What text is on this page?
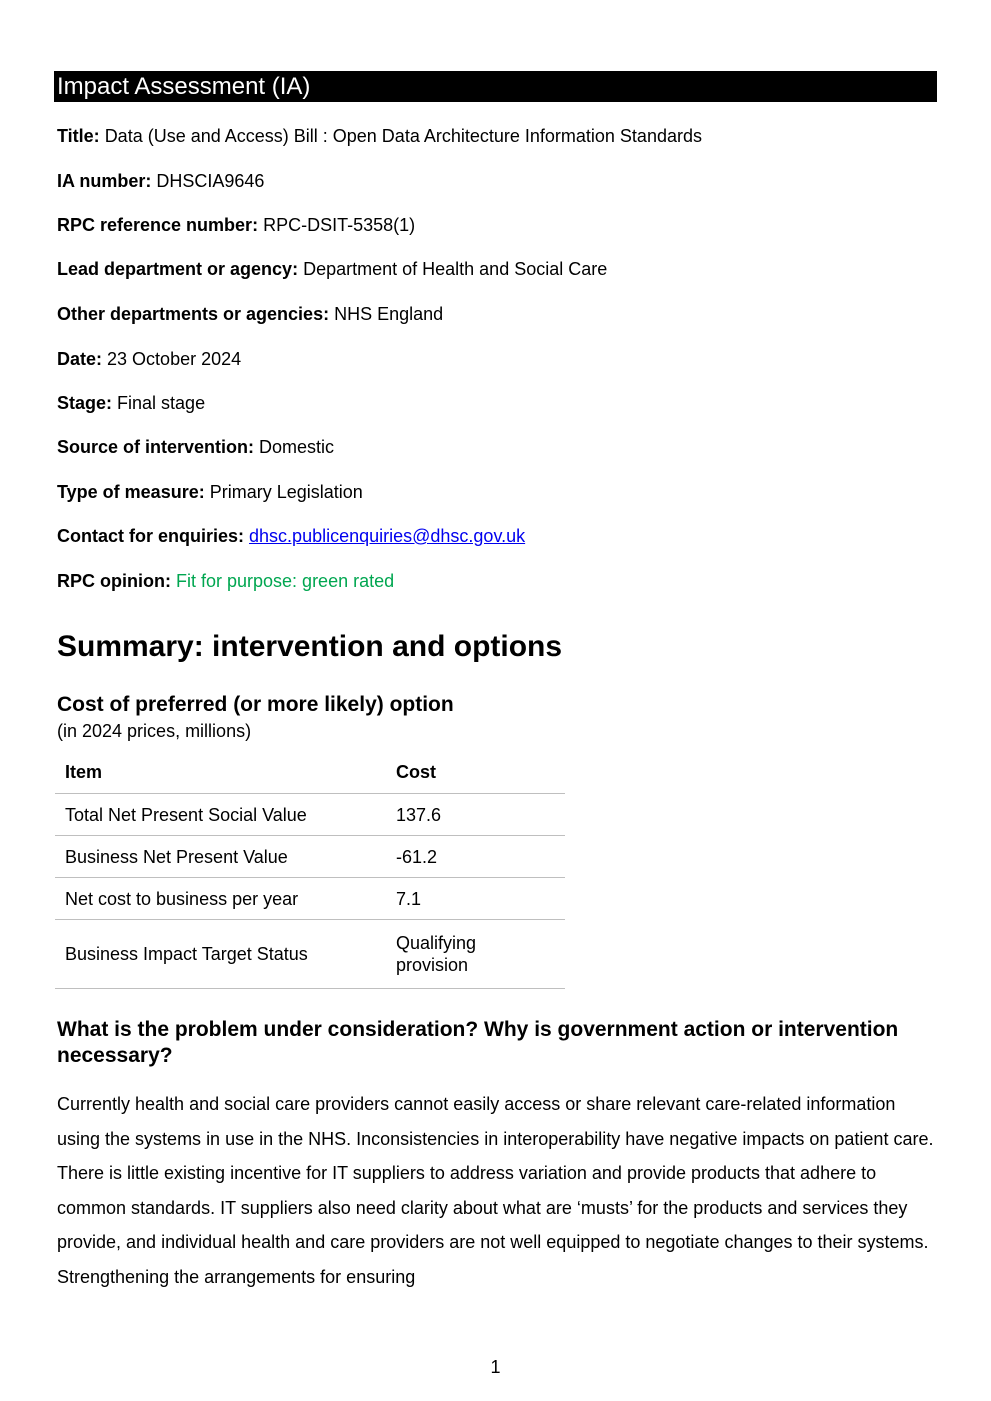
Impact Assessment (IA)
Title: Data (Use and Access) Bill : Open Data Architecture Information Standards
IA number: DHSCIA9646
RPC reference number: RPC-DSIT-5358(1)
Lead department or agency: Department of Health and Social Care
Other departments or agencies: NHS England
Date: 23 October 2024
Stage: Final stage
Source of intervention: Domestic
Type of measure: Primary Legislation
Contact for enquiries: dhsc.publicenquiries@dhsc.gov.uk
RPC opinion: Fit for purpose: green rated
Summary: intervention and options
Cost of preferred (or more likely) option
(in 2024 prices, millions)
Item	Cost
Total Net Present Social Value	137.6
Business Net Present Value	-61.2
Net cost to business per year	7.1
Business Impact Target Status	Qualifying provision
What is the problem under consideration? Why is government action or intervention necessary?

Currently health and social care providers cannot easily access or share relevant care-related information using the systems in use in the NHS. Inconsistencies in interoperability have negative impacts on patient care. There is little existing incentive for IT suppliers to address variation and provide products that adhere to common standards. IT suppliers also need clarity about what are ‘musts’ for the products and services they provide, and individual health and care providers are not well equipped to negotiate changes to their systems. Strengthening the arrangements for ensuring

1
